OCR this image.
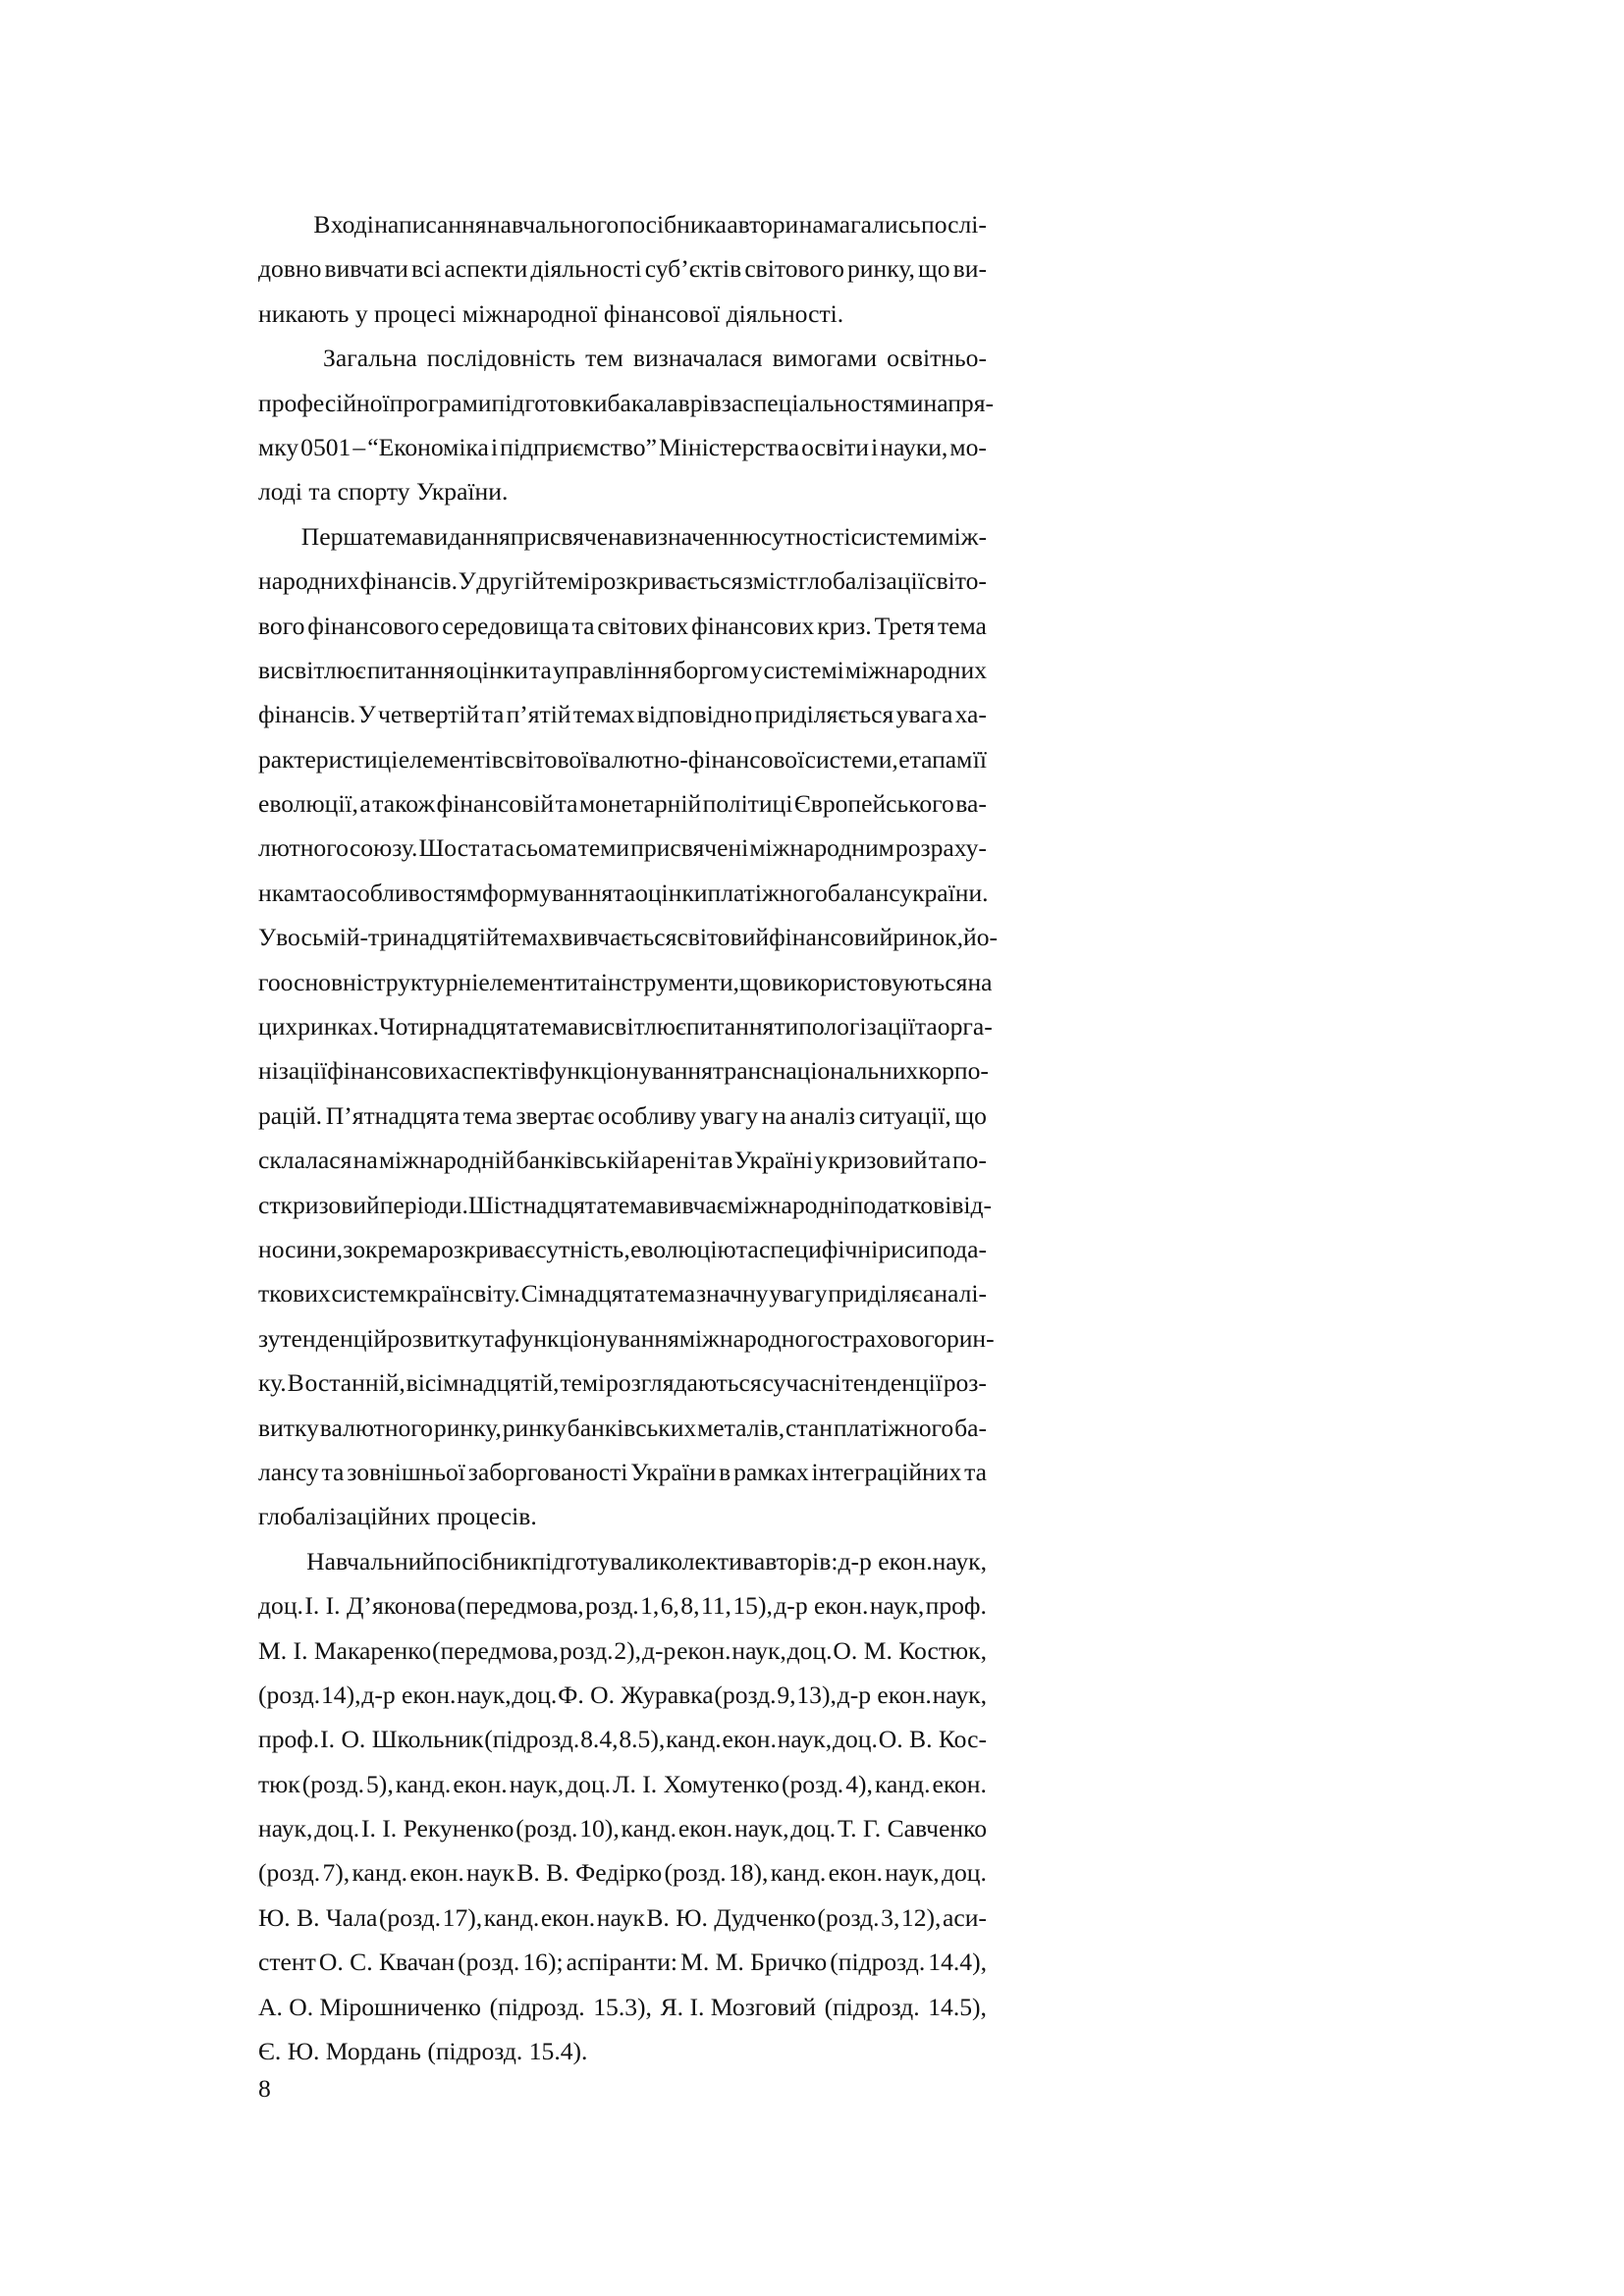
В ході написання навчального посібника автори намагались послі-
довно вивчати всі аспекти діяльності суб’єктів світового ринку, що ви-
никають у процесі міжнародної фінансової діяльності.
Загальна послідовність тем визначалася вимогами освітньо-
професійної програми підготовки бакалаврів за спеціальностями напря-
мку 0501 – “Економіка і підприємство” Міністерства освіти і науки, мо-
лоді та спорту України.
Перша тема видання присвячена визначенню сутності системи між-
народних фінансів. У другій темі розкривається зміст глобалізації світо-
вого фінансового середовища та світових фінансових криз. Третя тема
висвітлює питання оцінки та управління боргом у системі міжнародних
фінансів. У четвертій та п’ятій темах відповідно приділяється увага ха-
рактеристиці елементів світової валютно-фінансової системи, етапам її
еволюції, а також фінансовій та монетарній політиці Європейського ва-
лютного союзу. Шоста та сьома теми присвячені міжнародним розраху-
нкам та особливостям формування та оцінки платіжного балансу країни.
У восьмій-тринадцятій темах вивчається світовий фінансовий ринок, йо-
го основні структурні елементи та інструменти, що використовуються на
цих ринках. Чотирнадцята тема висвітлює питання типологізації та орга-
нізації фінансових аспектів функціонування транснаціональних корпо-
рацій. П’ятнадцята тема звертає особливу увагу на аналіз ситуації, що
склалася на міжнародній банківській арені та в Україні у кризовий та по-
сткризовий періоди. Шістнадцята тема вивчає міжнародні податкові від-
носини, зокрема розкриває сутність, еволюцію та специфічні риси пода-
ткових систем країн світу. Сімнадцята тема значну увагу приділяє аналі-
зу тенденцій розвитку та функціонування міжнародного страхового рин-
ку. В останній, вісімнадцятій, темі розглядаються сучасні тенденції роз-
витку валютного ринку, ринку банківських металів, стан платіжного ба-
лансу та зовнішньої заборгованості України в рамках інтеграційних та
глобалізаційних процесів.
Навчальний посібник підготували колектив авторів: д-р екон. наук,
доц. І. І. Д’яконова (передмова, розд. 1, 6, 8, 11, 15), д-р екон. наук, проф.
М. І. Макаренко (передмова, розд. 2), д-р екон. наук, доц. О. М. Костюк,
(розд. 14), д-р екон. наук, доц. Ф. О. Журавка (розд. 9, 13), д-р екон. наук,
проф. І. О. Школьник (підрозд. 8.4, 8.5), канд. екон. наук, доц. О. В. Кос-
тюк (розд. 5), канд. екон. наук, доц. Л. І. Хомутенко (розд. 4), канд. екон.
наук, доц. І. І. Рекуненко (розд. 10), канд. екон. наук, доц. Т. Г. Савченко
(розд. 7), канд. екон. наук В. В. Федірко (розд. 18), канд. екон. наук, доц.
Ю. В. Чала (розд. 17), канд. екон. наук В. Ю. Дудченко (розд. 3, 12), аси-
стент О. С. Квачан (розд. 16); аспіранти: М. М. Бричко (підрозд. 14.4),
А. О. Мірошниченко (підрозд. 15.3), Я. І. Мозговий (підрозд. 14.5),
Є. Ю. Мордань (підрозд. 15.4).
8
